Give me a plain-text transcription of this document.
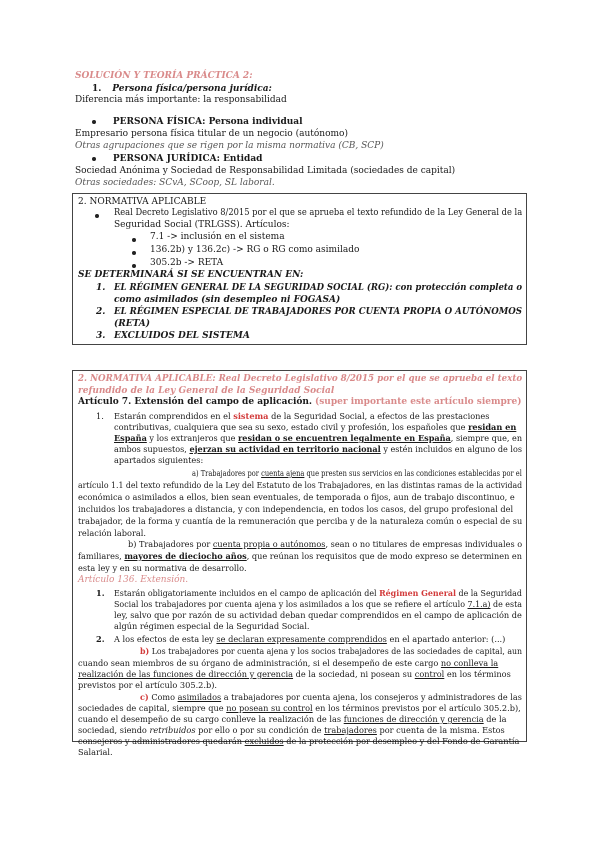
SOLUCIÓN Y TEORÍA PRÁCTICA 2:
1. Persona física/persona jurídica:
Diferencia más importante: la responsabilidad
PERSONA FÍSICA: Persona individual
Empresario persona física titular de un negocio (autónomo)
Otras agrupaciones que se rigen por la misma normativa (CB, SCP)
PERSONA JURÍDICA: Entidad
Sociedad Anónima y Sociedad de Responsabilidad Limitada (sociedades de capital)
Otras sociedades: SCvA, SCoop, SL laboral.
2. NORMATIVA APLICABLE
Real Decreto Legislativo 8/2015 por el que se aprueba el texto refundido de la Ley General de la
Seguridad Social (TRLGSS). Artículos:
7.1 -> inclusión en el sistema
136.2b) y 136.2c) -> RG o RG como asimilado
305.2b -> RETA
SE DETERMINARÁ SI SE ENCUENTRAN EN:
1. EL RÉGIMEN GENERAL DE LA SEGURIDAD SOCIAL (RG): con protección completa o
como asimilados (sin desempleo ni FOGASA)
2. EL RÉGIMEN ESPECIAL DE TRABAJADORES POR CUENTA PROPIA O AUTÓNOMOS
(RETA)
3. EXCLUIDOS DEL SISTEMA
2. NORMATIVA APLICABLE: Real Decreto Legislativo 8/2015 por el que se aprueba el texto
refundido de la Ley General de la Seguridad Social
Artículo 7. Extensión del campo de aplicación. (super importante este artículo siempre)
1. Estarán comprendidos en el sistema de la Seguridad Social, a efectos de las prestaciones
contributivas, cualquiera que sea su sexo, estado civil y profesión, los españoles que residan en
España y los extranjeros que residan o se encuentren legalmente en España, siempre que, en
ambos supuestos, ejerzan su actividad en territorio nacional y estén incluidos en alguno de los
apartados siguientes:
a) Trabajadores por cuenta ajena que presten sus servicios en las condiciones establecidas por el
artículo 1.1 del texto refundido de la Ley del Estatuto de los Trabajadores, en las distintas ramas de la actividad
económica o asimilados a ellos, bien sean eventuales, de temporada o fijos, aun de trabajo discontinuo, e
incluidos los trabajadores a distancia, y con independencia, en todos los casos, del grupo profesional del
trabajador, de la forma y cuantía de la remuneración que perciba y de la naturaleza común o especial de su
relación laboral.
b) Trabajadores por cuenta propia o autónomos, sean o no titulares de empresas individuales o
familiares, mayores de dieciocho años, que reúnan los requisitos que de modo expreso se determinen en
esta ley y en su normativa de desarrollo.
Artículo 136. Extensión.
1. Estarán obligatoriamente incluidos en el campo de aplicación del Régimen General de la Seguridad
Social los trabajadores por cuenta ajena y los asimilados a los que se refiere el artículo 7.1.a) de esta
ley, salvo que por razón de su actividad deban quedar comprendidos en el campo de aplicación de
algún régimen especial de la Seguridad Social.
2. A los efectos de esta ley se declaran expresamente comprendidos en el apartado anterior: (...)
b) Los trabajadores por cuenta ajena y los socios trabajadores de las sociedades de capital, aun
cuando sean miembros de su órgano de administración, si el desempeño de este cargo no conlleva la
realización de las funciones de dirección y gerencia de la sociedad, ni posean su control en los términos
previstos por el artículo 305.2.b).
c) Como asimilados a trabajadores por cuenta ajena, los consejeros y administradores de las
sociedades de capital, siempre que no posean su control en los términos previstos por el artículo 305.2.b),
cuando el desempeño de su cargo conlleve la realización de las funciones de dirección y gerencia de la
sociedad, siendo retribuidos por ello o por su condición de trabajadores por cuenta de la misma. Estos
consejeros y administradores quedarán excluidos de la protección por desempleo y del Fondo de Garantía
Salarial.
